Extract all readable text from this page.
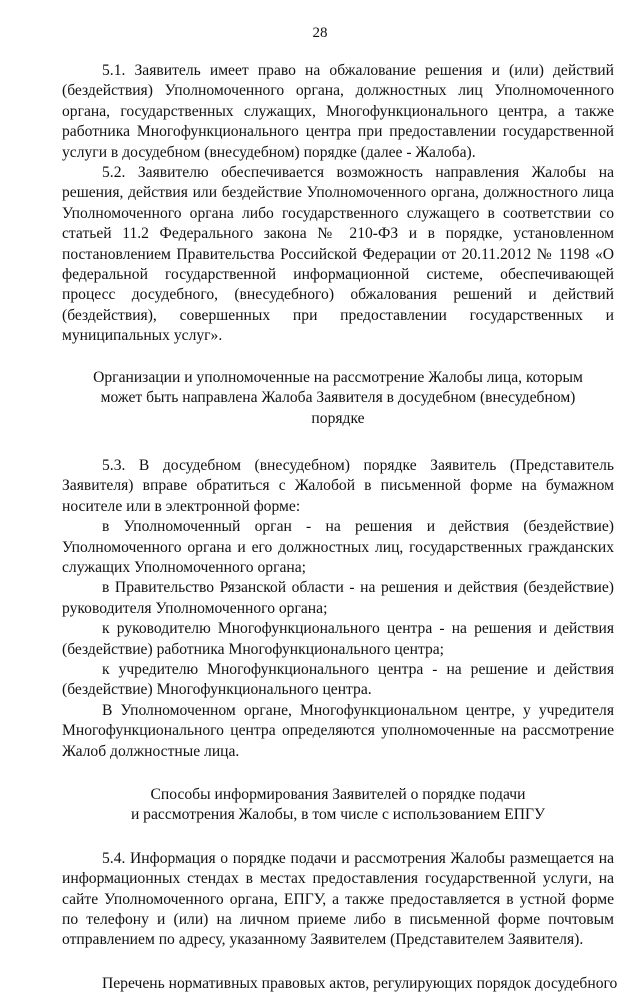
28

5.1. Заявитель имеет право на обжалование решения и (или) действий (бездействия) Уполномоченного органа, должностных лиц Уполномоченного органа, государственных служащих, Многофункционального центра, а также работника Многофункционального центра при предоставлении государственной услуги в досудебном (внесудебном) порядке (далее - Жалоба).

5.2. Заявителю обеспечивается возможность направления Жалобы на решения, действия или бездействие Уполномоченного органа, должностного лица Уполномоченного органа либо государственного служащего в соответствии со статьей 11.2 Федерального закона № 210-ФЗ и в порядке, установленном постановлением Правительства Российской Федерации от 20.11.2012 № 1198 «О федеральной государственной информационной системе, обеспечивающей процесс досудебного, (внесудебного) обжалования решений и действий (бездействия), совершенных при предоставлении государственных и муниципальных услуг».

Организации и уполномоченные на рассмотрение Жалобы лица, которым может быть направлена Жалоба Заявителя в досудебном (внесудебном) порядке

5.3. В досудебном (внесудебном) порядке Заявитель (Представитель Заявителя) вправе обратиться с Жалобой в письменной форме на бумажном носителе или в электронной форме:

в Уполномоченный орган - на решения и действия (бездействие) Уполномоченного органа и его должностных лиц, государственных гражданских служащих Уполномоченного органа;

в Правительство Рязанской области - на решения и действия (бездействие) руководителя Уполномоченного органа;

к руководителю Многофункционального центра - на решения и действия (бездействие) работника Многофункционального центра;

к учредителю Многофункционального центра - на решение и действия (бездействие) Многофункционального центра.

В Уполномоченном органе, Многофункциональном центре, у учредителя Многофункционального центра определяются уполномоченные на рассмотрение Жалоб должностные лица.

Способы информирования Заявителей о порядке подачи

и рассмотрения Жалобы, в том числе с использованием ЕПГУ

5.4. Информация о порядке подачи и рассмотрения Жалобы размещается на информационных стендах в местах предоставления государственной услуги, на сайте Уполномоченного органа, ЕПГУ, а также предоставляется в устной форме по телефону и (или) на личном приеме либо в письменной форме почтовым отправлением по адресу, указанному Заявителем (Представителем Заявителя).

Перечень нормативных правовых актов, регулирующих порядок досудебного
